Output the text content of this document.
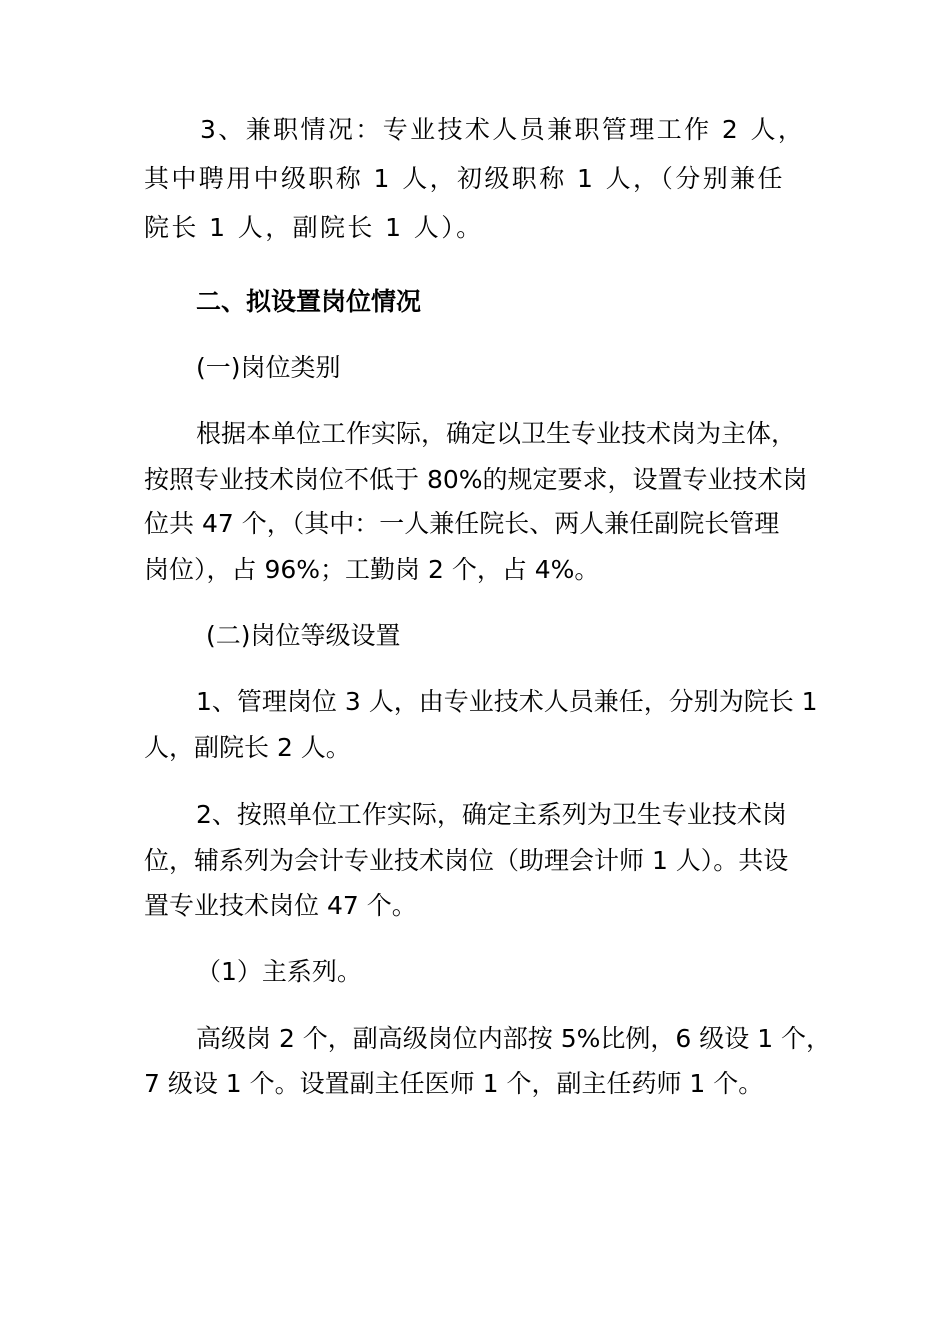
3、兼职情况：专业技术人员兼职管理工作 2 人，
其中聘用中级职称 1 人，初级职称 1 人，（分别兼任
院长 1 人，副院长 1 人）。
二、拟设置岗位情况
(一)岗位类别
根据本单位工作实际，确定以卫生专业技术岗为主体，
按照专业技术岗位不低于 80%的规定要求，设置专业技术岗
位共 47 个，（其中：一人兼任院长、两人兼任副院长管理
岗位），占 96%；工勤岗 2 个，占 4%。
(二)岗位等级设置
1、管理岗位 3 人，由专业技术人员兼任，分别为院长 1
人，副院长 2 人。
2、按照单位工作实际，确定主系列为卫生专业技术岗
位，辅系列为会计专业技术岗位（助理会计师 1 人）。共设
置专业技术岗位 47 个。
（1）主系列。
高级岗 2 个，副高级岗位内部按 5%比例，6 级设 1 个，
7 级设 1 个。设置副主任医师 1 个，副主任药师 1 个。
